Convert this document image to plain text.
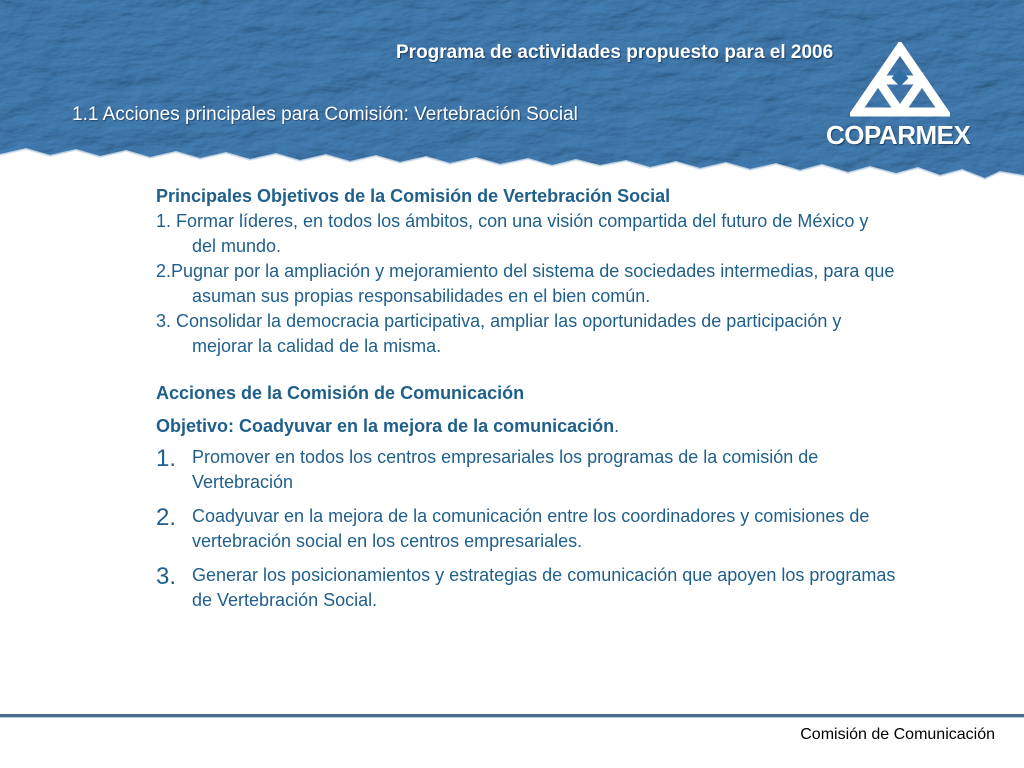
Programa de actividades propuesto para el 2006
1.1 Acciones principales para Comisión: Vertebración Social
COPARMEX

Principales Objetivos de la Comisión de Vertebración Social

1. Formar líderes, en todos los ámbitos, con una visión compartida del futuro de México y del mundo.

2.Pugnar por la ampliación y mejoramiento del sistema de sociedades intermedias, para que asuman sus propias responsabilidades en el bien común.

3. Consolidar la democracia participativa, ampliar las oportunidades de participación y mejorar la calidad de la misma.

Acciones de la Comisión de Comunicación

Objetivo: Coadyuvar en la mejora de la comunicación.

1. Promover en todos los centros empresariales los programas de la comisión de Vertebración
2. Coadyuvar en la mejora de la comunicación entre los coordinadores y comisiones de vertebración social en los centros empresariales.
3. Generar los posicionamientos y estrategias de comunicación que apoyen los programas de Vertebración Social.
Comisión de Comunicación
